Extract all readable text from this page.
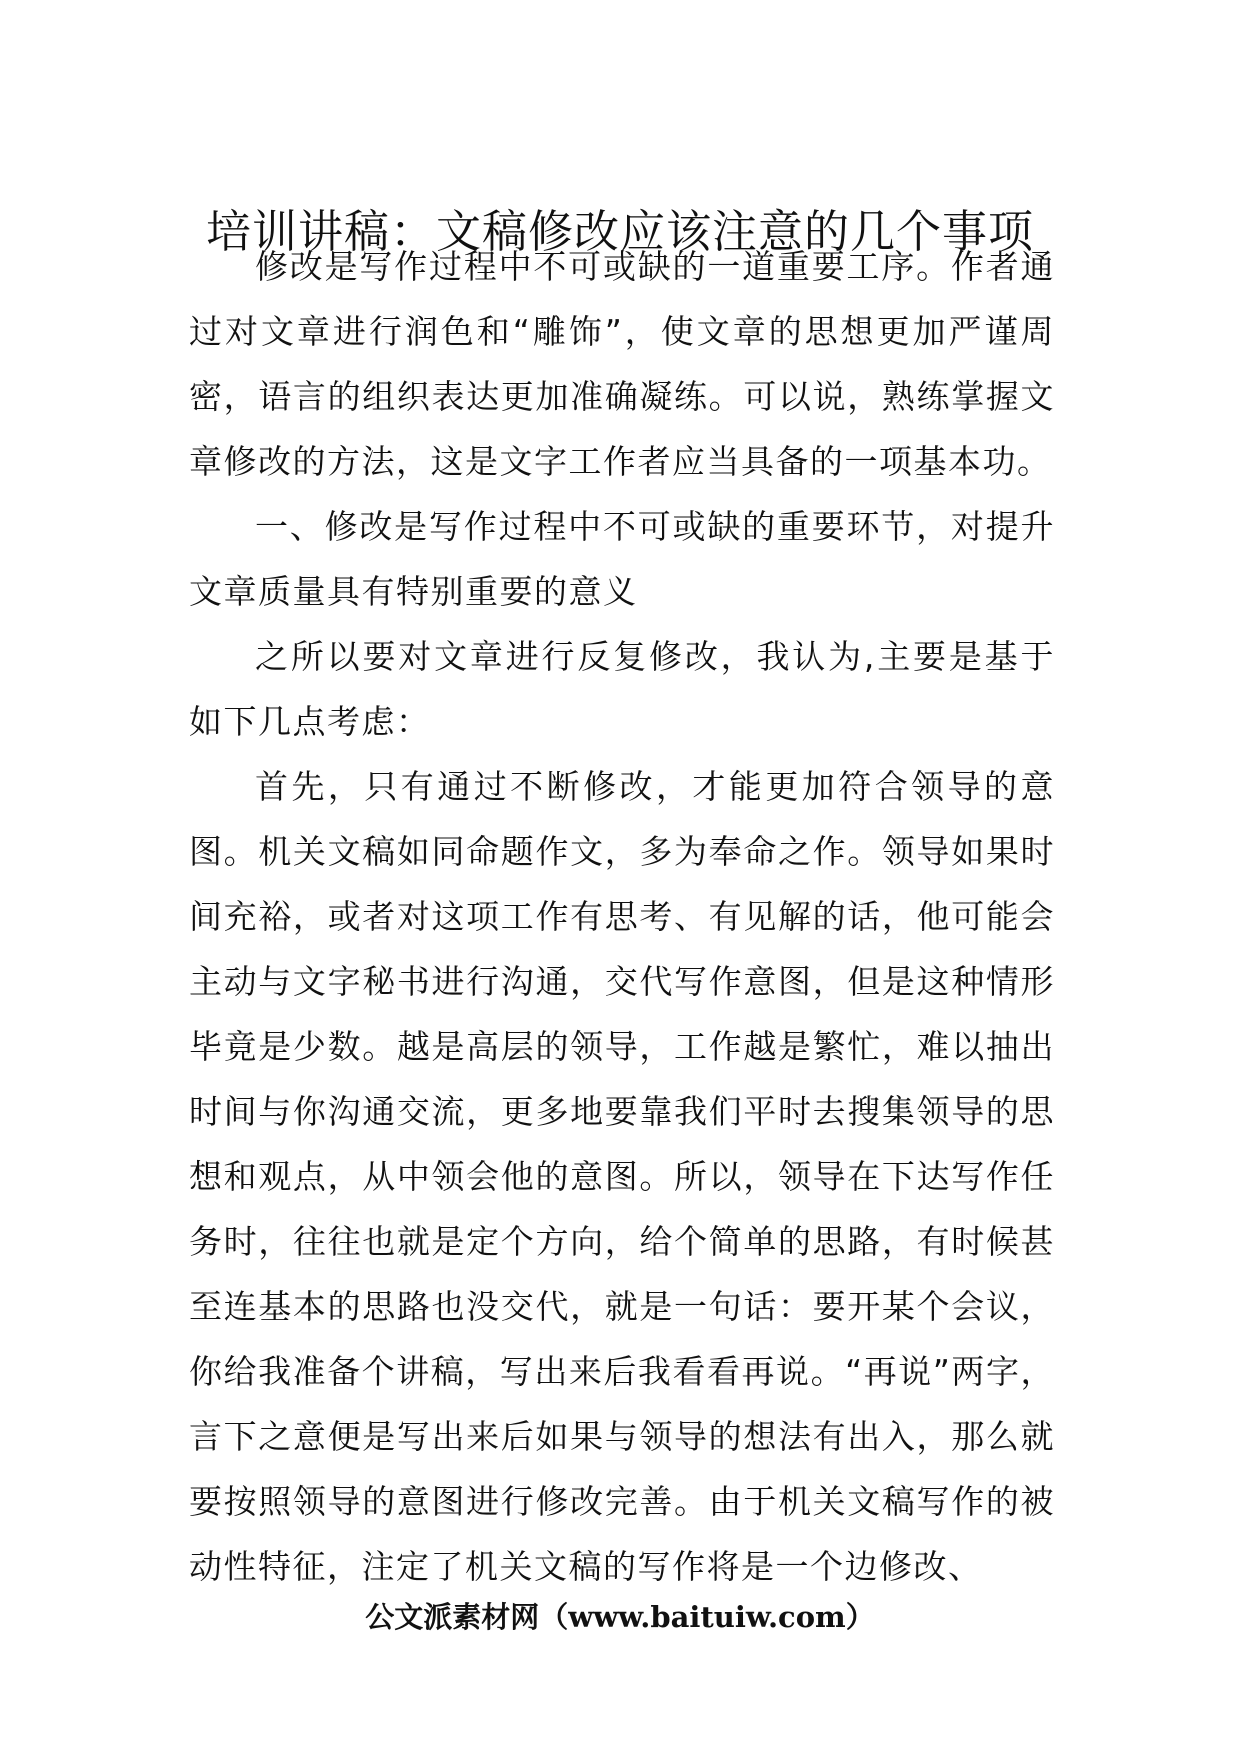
培训讲稿：文稿修改应该注意的几个事项

修改是写作过程中不可或缺的一道重要工序。作者通过对文章进行润色和“雕饰”，使文章的思想更加严谨周密，语言的组织表达更加准确凝练。可以说，熟练掌握文章修改的方法，这是文字工作者应当具备的一项基本功。

一、修改是写作过程中不可或缺的重要环节，对提升文章质量具有特别重要的意义

之所以要对文章进行反复修改，我认为,主要是基于如下几点考虑：

首先，只有通过不断修改，才能更加符合领导的意图。机关文稿如同命题作文，多为奉命之作。领导如果时间充裕，或者对这项工作有思考、有见解的话，他可能会主动与文字秘书进行沟通，交代写作意图，但是这种情形毕竟是少数。越是高层的领导，工作越是繁忙，难以抽出时间与你沟通交流，更多地要靠我们平时去搜集领导的思想和观点，从中领会他的意图。所以，领导在下达写作任务时，往往也就是定个方向，给个简单的思路，有时候甚至连基本的思路也没交代，就是一句话：要开某个会议，你给我准备个讲稿，写出来后我看看再说。“再说”两字，言下之意便是写出来后如果与领导的想法有出入，那么就要按照领导的意图进行修改完善。由于机关文稿写作的被动性特征，注定了机关文稿的写作将是一个边修改、

公文派素材网（www.baituiw.com）
